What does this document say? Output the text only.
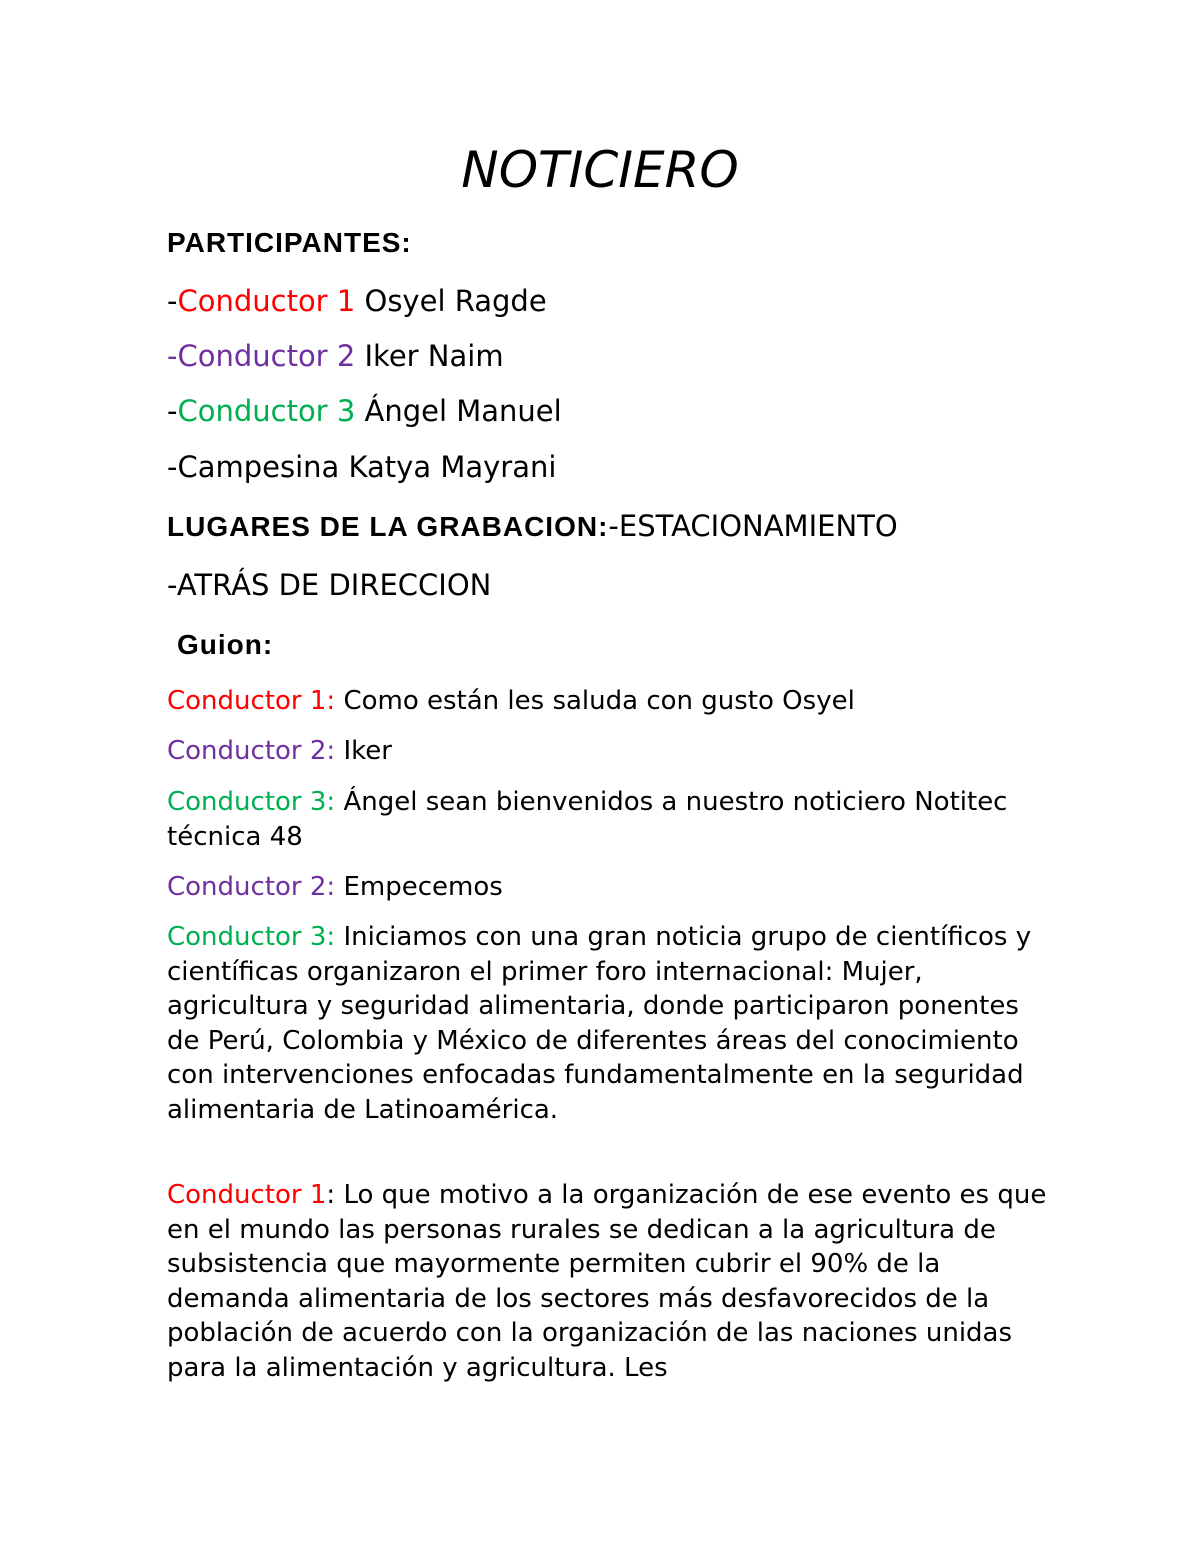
NOTICIERO
PARTICIPANTES:
-Conductor 1 Osyel Ragde
-Conductor 2 Iker Naim
-Conductor 3 Ángel Manuel
-Campesina Katya Mayrani
LUGARES DE LA GRABACION:-ESTACIONAMIENTO
-ATRÁS DE DIRECCION
Guion:
Conductor 1: Como están les saluda con gusto Osyel
Conductor 2: Iker
Conductor 3: Ángel sean bienvenidos a nuestro noticiero Notitec técnica 48
Conductor 2: Empecemos
Conductor 3: Iniciamos con una gran noticia grupo de científicos y científicas organizaron el primer foro internacional: Mujer, agricultura y seguridad alimentaria, donde participaron ponentes de Perú, Colombia y México de diferentes áreas del conocimiento con intervenciones enfocadas fundamentalmente en la seguridad alimentaria de Latinoamérica.
Conductor 1: Lo que motivo a la organización de ese evento es que en el mundo las personas rurales se dedican a la agricultura de subsistencia que mayormente permiten cubrir el 90% de la demanda alimentaria de los sectores más desfavorecidos de la población de acuerdo con la organización de las naciones unidas para la alimentación y agricultura. Les
